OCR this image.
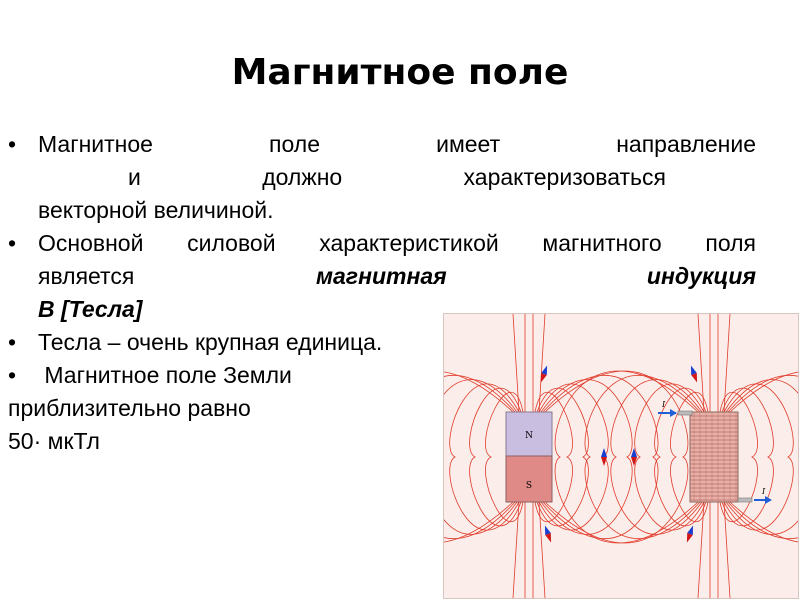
Магнитное поле
• Магнитное поле имеет направление
и должно характеризоваться
векторной величиной.
• Основной силовой характеристикой магнитного поля
является	магнитная индукция
В [Тесла]
• Тесла – очень крупная единица.
• Магнитное поле Земли
приблизительно равно
50· мкТл	N
S
I
I
